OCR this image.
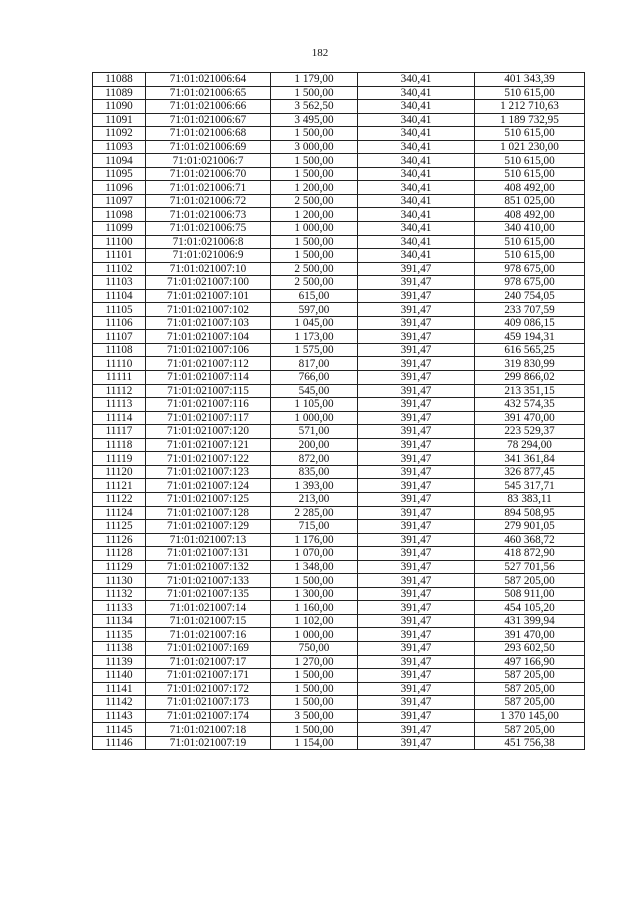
182
11088	71:01:021006:64	1 179,00	340,41	401 343,39
11089	71:01:021006:65	1 500,00	340,41	510 615,00
11090	71:01:021006:66	3 562,50	340,41	1 212 710,63
11091	71:01:021006:67	3 495,00	340,41	1 189 732,95
11092	71:01:021006:68	1 500,00	340,41	510 615,00
11093	71:01:021006:69	3 000,00	340,41	1 021 230,00
11094	71:01:021006:7	1 500,00	340,41	510 615,00
11095	71:01:021006:70	1 500,00	340,41	510 615,00
11096	71:01:021006:71	1 200,00	340,41	408 492,00
11097	71:01:021006:72	2 500,00	340,41	851 025,00
11098	71:01:021006:73	1 200,00	340,41	408 492,00
11099	71:01:021006:75	1 000,00	340,41	340 410,00
11100	71:01:021006:8	1 500,00	340,41	510 615,00
11101	71:01:021006:9	1 500,00	340,41	510 615,00
11102	71:01:021007:10	2 500,00	391,47	978 675,00
11103	71:01:021007:100	2 500,00	391,47	978 675,00
11104	71:01:021007:101	615,00	391,47	240 754,05
11105	71:01:021007:102	597,00	391,47	233 707,59
11106	71:01:021007:103	1 045,00	391,47	409 086,15
11107	71:01:021007:104	1 173,00	391,47	459 194,31
11108	71:01:021007:106	1 575,00	391,47	616 565,25
11110	71:01:021007:112	817,00	391,47	319 830,99
11111	71:01:021007:114	766,00	391,47	299 866,02
11112	71:01:021007:115	545,00	391,47	213 351,15
11113	71:01:021007:116	1 105,00	391,47	432 574,35
11114	71:01:021007:117	1 000,00	391,47	391 470,00
11117	71:01:021007:120	571,00	391,47	223 529,37
11118	71:01:021007:121	200,00	391,47	78 294,00
11119	71:01:021007:122	872,00	391,47	341 361,84
11120	71:01:021007:123	835,00	391,47	326 877,45
11121	71:01:021007:124	1 393,00	391,47	545 317,71
11122	71:01:021007:125	213,00	391,47	83 383,11
11124	71:01:021007:128	2 285,00	391,47	894 508,95
11125	71:01:021007:129	715,00	391,47	279 901,05
11126	71:01:021007:13	1 176,00	391,47	460 368,72
11128	71:01:021007:131	1 070,00	391,47	418 872,90
11129	71:01:021007:132	1 348,00	391,47	527 701,56
11130	71:01:021007:133	1 500,00	391,47	587 205,00
11132	71:01:021007:135	1 300,00	391,47	508 911,00
11133	71:01:021007:14	1 160,00	391,47	454 105,20
11134	71:01:021007:15	1 102,00	391,47	431 399,94
11135	71:01:021007:16	1 000,00	391,47	391 470,00
11138	71:01:021007:169	750,00	391,47	293 602,50
11139	71:01:021007:17	1 270,00	391,47	497 166,90
11140	71:01:021007:171	1 500,00	391,47	587 205,00
11141	71:01:021007:172	1 500,00	391,47	587 205,00
11142	71:01:021007:173	1 500,00	391,47	587 205,00
11143	71:01:021007:174	3 500,00	391,47	1 370 145,00
11145	71:01:021007:18	1 500,00	391,47	587 205,00
11146	71:01:021007:19	1 154,00	391,47	451 756,38
